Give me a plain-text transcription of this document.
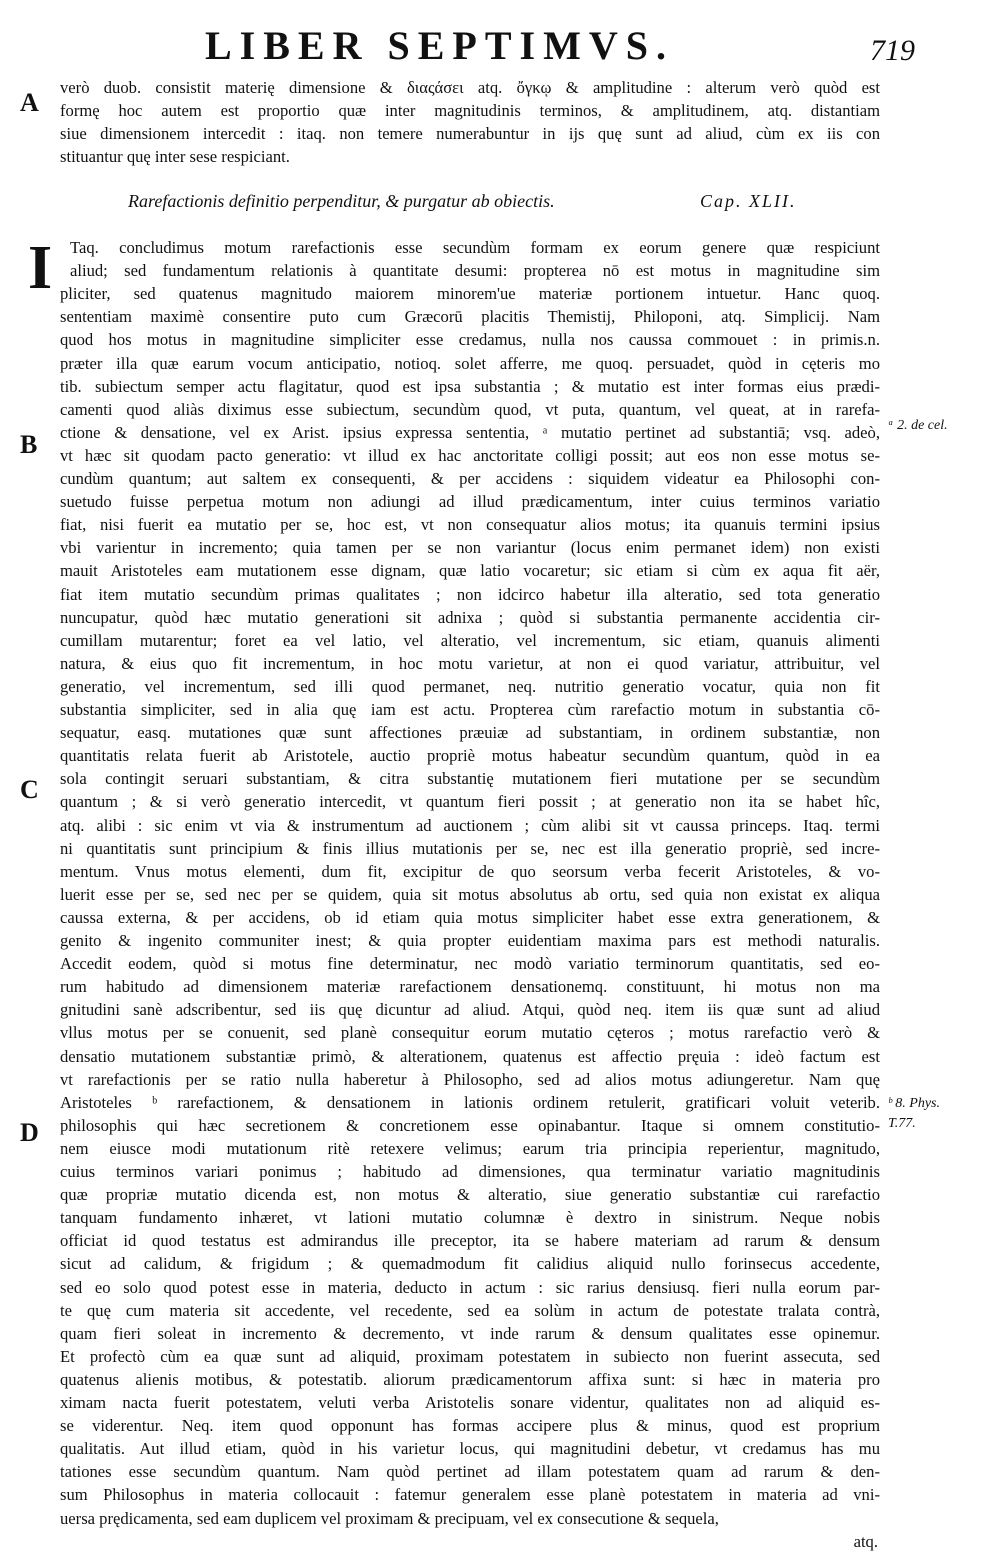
LIBER SEPTIMVS.	719
A
B
C
D
ᵃ 2. de cel.
ᵇ 8. Phys.
T.77.
verò duob. consistit materię dimensione & διαςάσει atq. ὄγκῳ & amplitudine : alterum verò quòd est
formę hoc autem est proportio quæ inter magnitudinis terminos, & amplitudinem, atq. distantiam
siue dimensionem intercedit : itaq. non temere numerabuntur in ijs quę sunt ad aliud, cùm ex iis con
stituantur quę inter sese respiciant.
Rarefactionis definitio perpenditur, & purgatur ab obiectis.	Cap. XLII.
I Taq. concludimus motum rarefactionis esse secundùm formam ex eorum genere quæ respiciunt
aliud; sed fundamentum relationis à quantitate desumi: propterea nō est motus in magnitudine sim
pliciter, sed quatenus magnitudo maiorem minorem'ue materiæ portionem intuetur. Hanc quoq.
sententiam maximè consentire puto cum Græcorū placitis Themistij, Philoponi, atq. Simplicij. Nam
quod hos motus in magnitudine simpliciter esse credamus, nulla nos caussa commouet : in primis.n.
præter illa quæ earum vocum anticipatio, notioq. solet afferre, me quoq. persuadet, quòd in cęteris mo
tib. subiectum semper actu flagitatur, quod est ipsa substantia ; & mutatio est inter formas eius prædi-
camenti quod aliàs diximus esse subiectum, secundùm quod, vt puta, quantum, vel queat, at in rarefa-
ctione & densatione, vel ex Arist. ipsius expressa sententia, ᵃ mutatio pertinet ad substantiā; vsq. adeò,
vt hæc sit quodam pacto generatio: vt illud ex hac anctoritate colligi possit; aut eos non esse motus se-
cundùm quantum; aut saltem ex consequenti, & per accidens : siquidem videatur ea Philosophi con-
suetudo fuisse perpetua motum non adiungi ad illud prædicamentum, inter cuius terminos variatio
fiat, nisi fuerit ea mutatio per se, hoc est, vt non consequatur alios motus; ita quanuis termini ipsius
vbi varientur in incremento; quia tamen per se non variantur (locus enim permanet idem) non existi
mauit Aristoteles eam mutationem esse dignam, quæ latio vocaretur; sic etiam si cùm ex aqua fit aër,
fiat item mutatio secundùm primas qualitates ; non idcirco habetur illa alteratio, sed tota generatio
nuncupatur, quòd hæc mutatio generationi sit adnixa ; quòd si substantia permanente accidentia cir-
cumillam mutarentur; foret ea vel latio, vel alteratio, vel incrementum, sic etiam, quanuis alimenti
natura, & eius quo fit incrementum, in hoc motu varietur, at non ei quod variatur, attribuitur, vel
generatio, vel incrementum, sed illi quod permanet, neq. nutritio generatio vocatur, quia non fit
substantia simpliciter, sed in alia quę iam est actu. Propterea cùm rarefactio motum in substantia cō-
sequatur, easq. mutationes quæ sunt affectiones præuiæ ad substantiam, in ordinem substantiæ, non
quantitatis relata fuerit ab Aristotele, auctio propriè motus habeatur secundùm quantum, quòd in ea
sola contingit seruari substantiam, & citra substantię mutationem fieri mutatione per se secundùm
quantum ; & si verò generatio intercedit, vt quantum fieri possit ; at generatio non ita se habet hîc,
atq. alibi : sic enim vt via & instrumentum ad auctionem ; cùm alibi sit vt caussa princeps. Itaq. termi
ni quantitatis sunt principium & finis illius mutationis per se, nec est illa generatio propriè, sed incre-
mentum. Vnus motus elementi, dum fit, excipitur de quo seorsum verba fecerit Aristoteles, & vo-
luerit esse per se, sed nec per se quidem, quia sit motus absolutus ab ortu, sed quia non existat ex aliqua
caussa externa, & per accidens, ob id etiam quia motus simpliciter habet esse extra generationem, &
genito & ingenito communiter inest; & quia propter euidentiam maxima pars est methodi naturalis.
Accedit eodem, quòd si motus fine determinatur, nec modò variatio terminorum quantitatis, sed eo-
rum habitudo ad dimensionem materiæ rarefactionem densationemq. constituunt, hi motus non ma
gnitudini sanè adscribentur, sed iis quę dicuntur ad aliud. Atqui, quòd neq. item iis quæ sunt ad aliud
vllus motus per se conuenit, sed planè consequitur eorum mutatio cęteros ; motus rarefactio verò &
densatio mutationem substantiæ primò, & alterationem, quatenus est affectio pręuia : ideò factum est
vt rarefactionis per se ratio nulla haberetur à Philosopho, sed ad alios motus adiungeretur. Nam quę
Aristoteles ᵇ rarefactionem, & densationem in lationis ordinem retulerit, gratificari voluit veterib.
philosophis qui hæc secretionem & concretionem esse opinabantur. Itaque si omnem constitutio-
nem eiusce modi mutationum ritè retexere velimus; earum tria principia reperientur, magnitudo,
cuius terminos variari ponimus ; habitudo ad dimensiones, qua terminatur variatio magnitudinis
quæ propriæ mutatio dicenda est, non motus & alteratio, siue generatio substantiæ cui rarefactio
tanquam fundamento inhæret, vt lationi mutatio columnæ è dextro in sinistrum. Neque nobis
officiat id quod testatus est admirandus ille preceptor, ita se habere materiam ad rarum & densum
sicut ad calidum, & frigidum ; & quemadmodum fit calidius aliquid nullo forinsecus accedente,
sed eo solo quod potest esse in materia, deducto in actum : sic rarius densiusq. fieri nulla eorum par-
te quę cum materia sit accedente, vel recedente, sed ea solùm in actum de potestate tralata contrà,
quam fieri soleat in incremento & decremento, vt inde rarum & densum qualitates esse opinemur.
Et profectò cùm ea quæ sunt ad aliquid, proximam potestatem in subiecto non fuerint assecuta, sed
quatenus alienis motibus, & potestatib. aliorum prædicamentorum affixa sunt: si hæc in materia pro
ximam nacta fuerit potestatem, veluti verba Aristotelis sonare videntur, qualitates non ad aliquid es-
se viderentur. Neq. item quod opponunt has formas accipere plus & minus, quod est proprium
qualitatis. Aut illud etiam, quòd in his varietur locus, qui magnitudini debetur, vt credamus has mu
tationes esse secundùm quantum. Nam quòd pertinet ad illam potestatem quam ad rarum & den-
sum Philosophus in materia collocauit : fatemur generalem esse planè potestatem in materia ad vni-
uersa prędicamenta, sed eam duplicem vel proximam & precipuam, vel ex consecutione & sequela,
atq.
